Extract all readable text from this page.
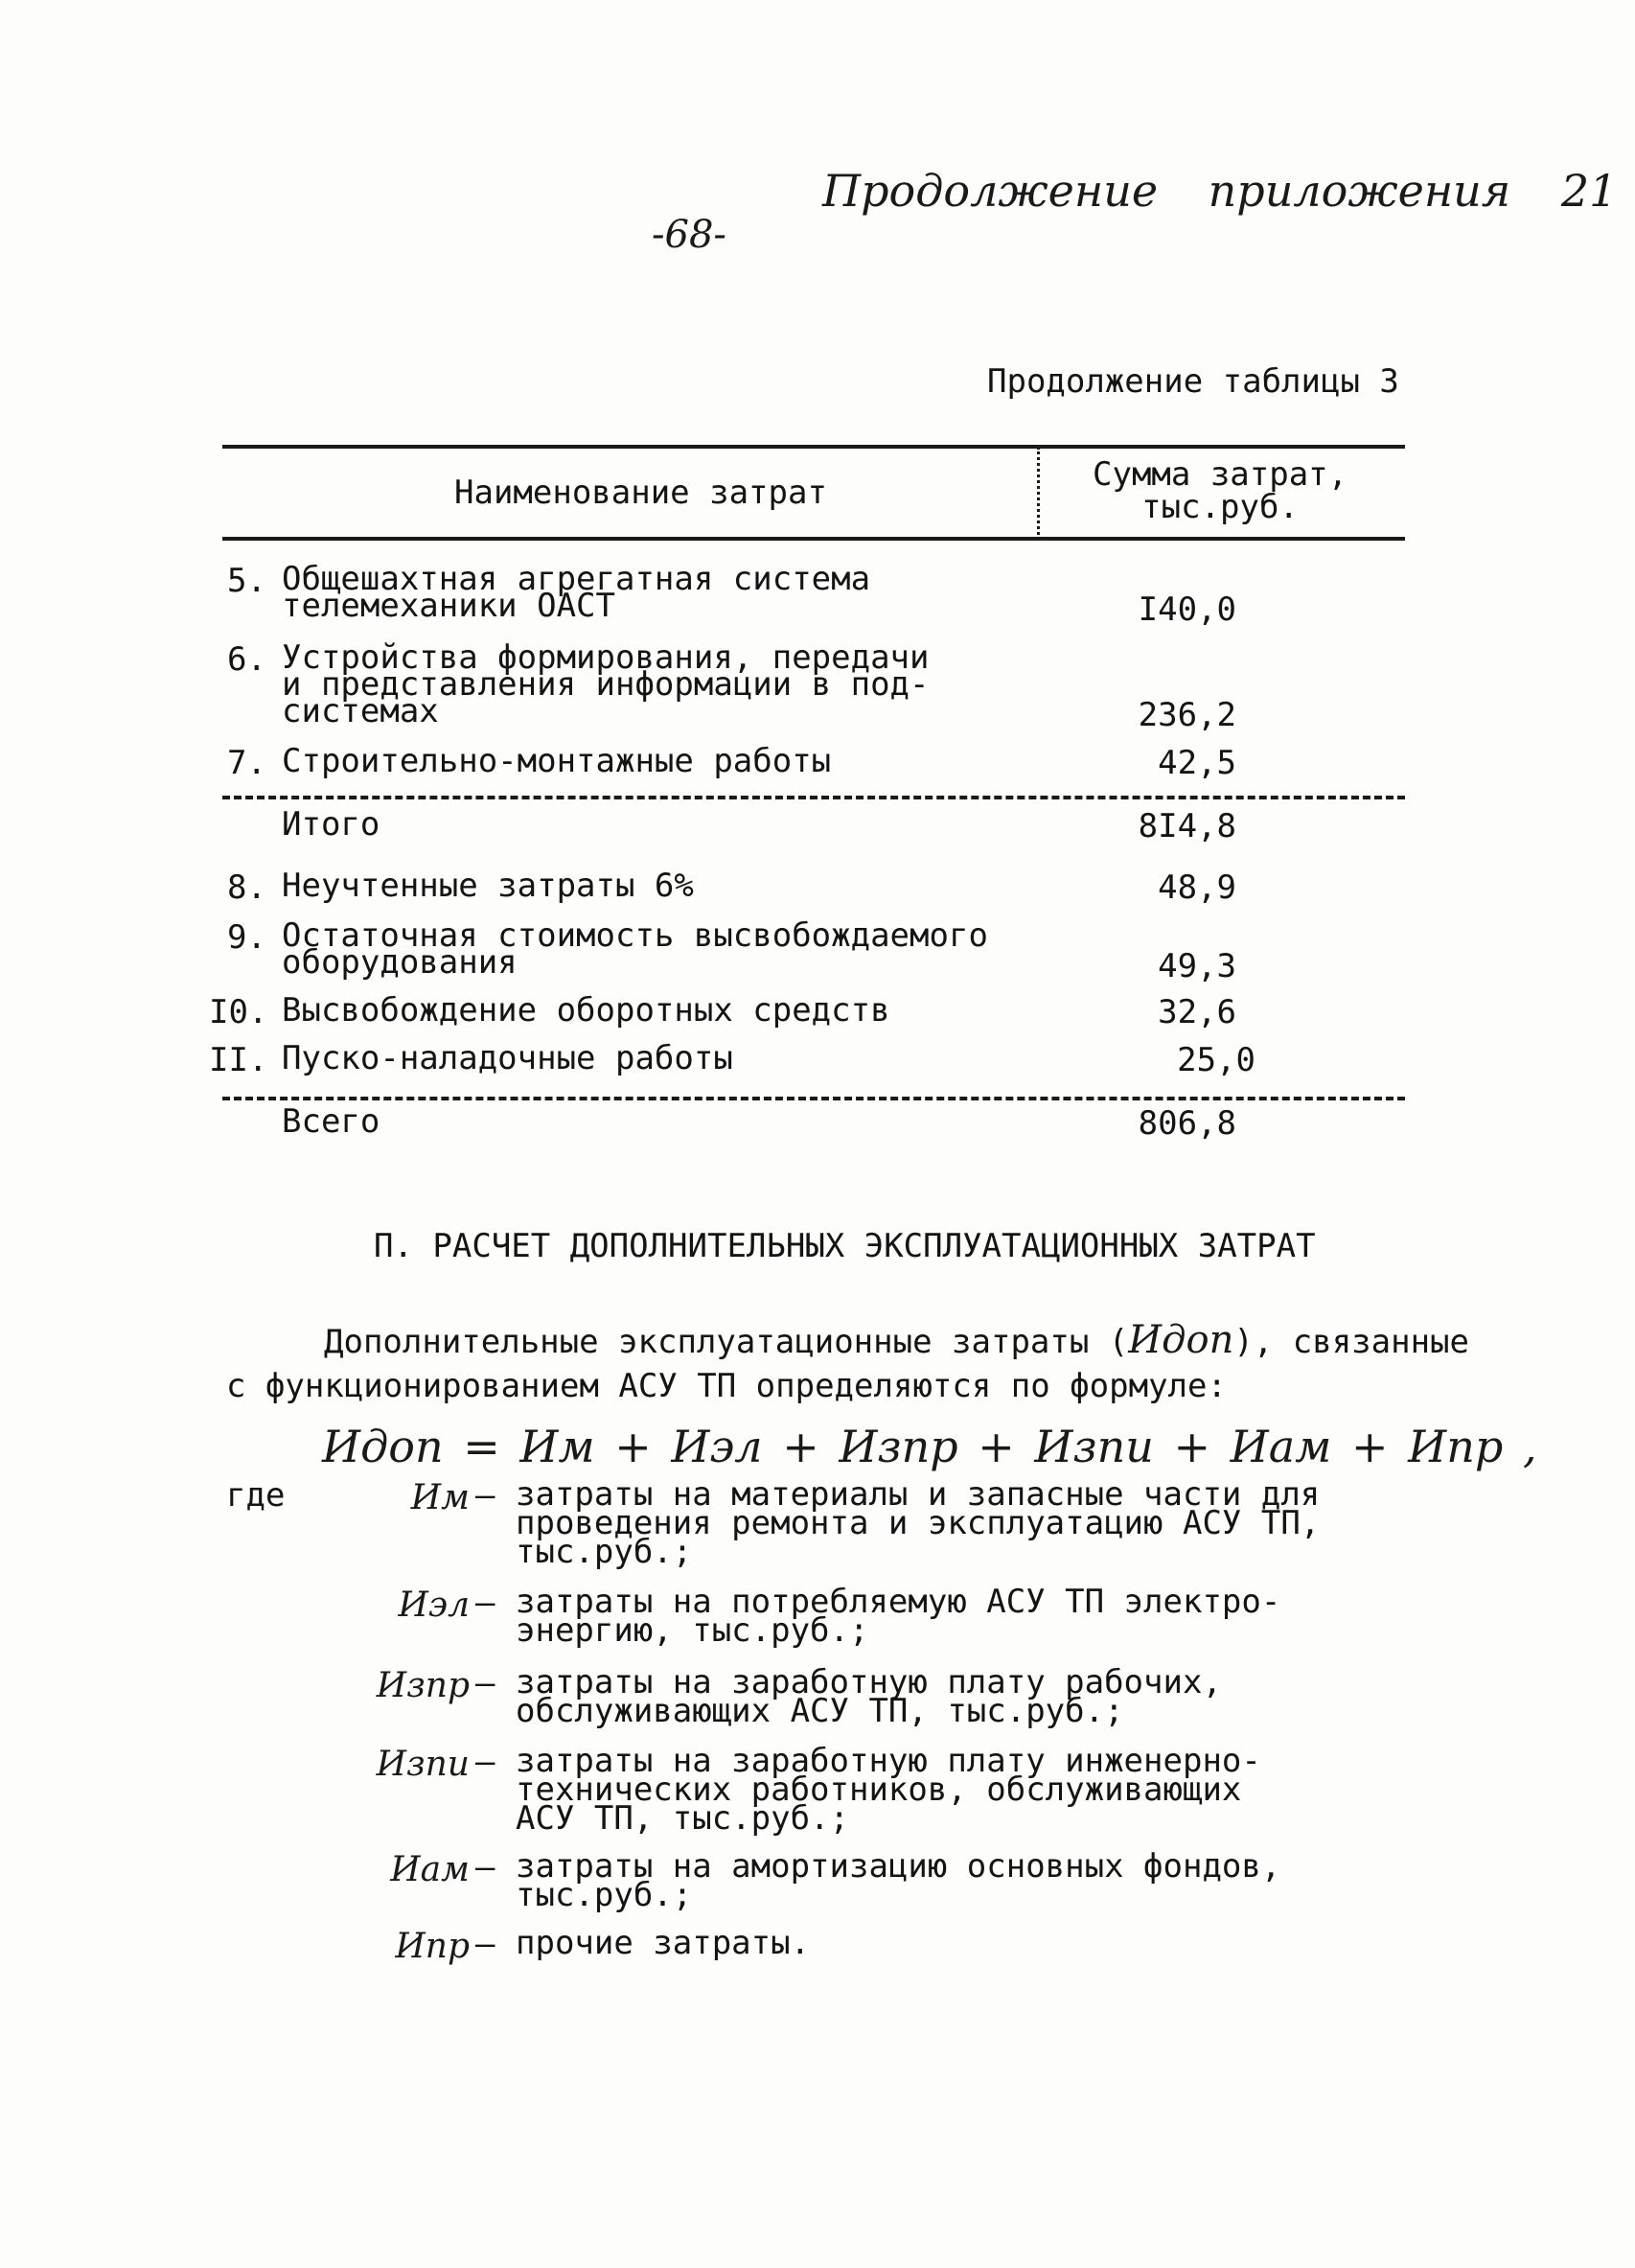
-68-
Продолжение приложения 21
Продолжение таблицы 3
Наименование затрат	Сумма затрат,
тыс.руб.
5. Общешахтная агрегатная система
телемеханики ОАСТ	I40,0
6. Устройства формирования, передачи
и представления информации в под-
системах	236,2
7. Строительно-монтажные работы	42,5
Итого	8I4,8
8. Неучтенные затраты 6%	48,9
9. Остаточная стоимость высвобождаемого
оборудования	49,3
I0. Высвобождение оборотных средств	32,6
II. Пуско-наладочные работы	25,0
Всего	806,8
П. РАСЧЕТ ДОПОЛНИТЕЛЬНЫХ ЭКСПЛУАТАЦИОННЫХ ЗАТРАТ
Дополнительные эксплуатационные затраты (Идоп), связанные
с функционированием АСУ ТП определяются по формуле:
Идоп = Им + Иэл + Изпр + Изпи + Иам + Ипр ,
где	Им – затраты на материалы и запасные части для
проведения ремонта и эксплуатацию АСУ ТП,
тыс.руб.;
Иэл – затраты на потребляемую АСУ ТП электро-
энергию, тыс.руб.;
Изпр – затраты на заработную плату рабочих,
обслуживающих АСУ ТП, тыс.руб.;
Изпи – затраты на заработную плату инженерно-
технических работников, обслуживающих
АСУ ТП, тыс.руб.;
Иам – затраты на амортизацию основных фондов,
тыс.руб.;
Ипр – прочие затраты.
